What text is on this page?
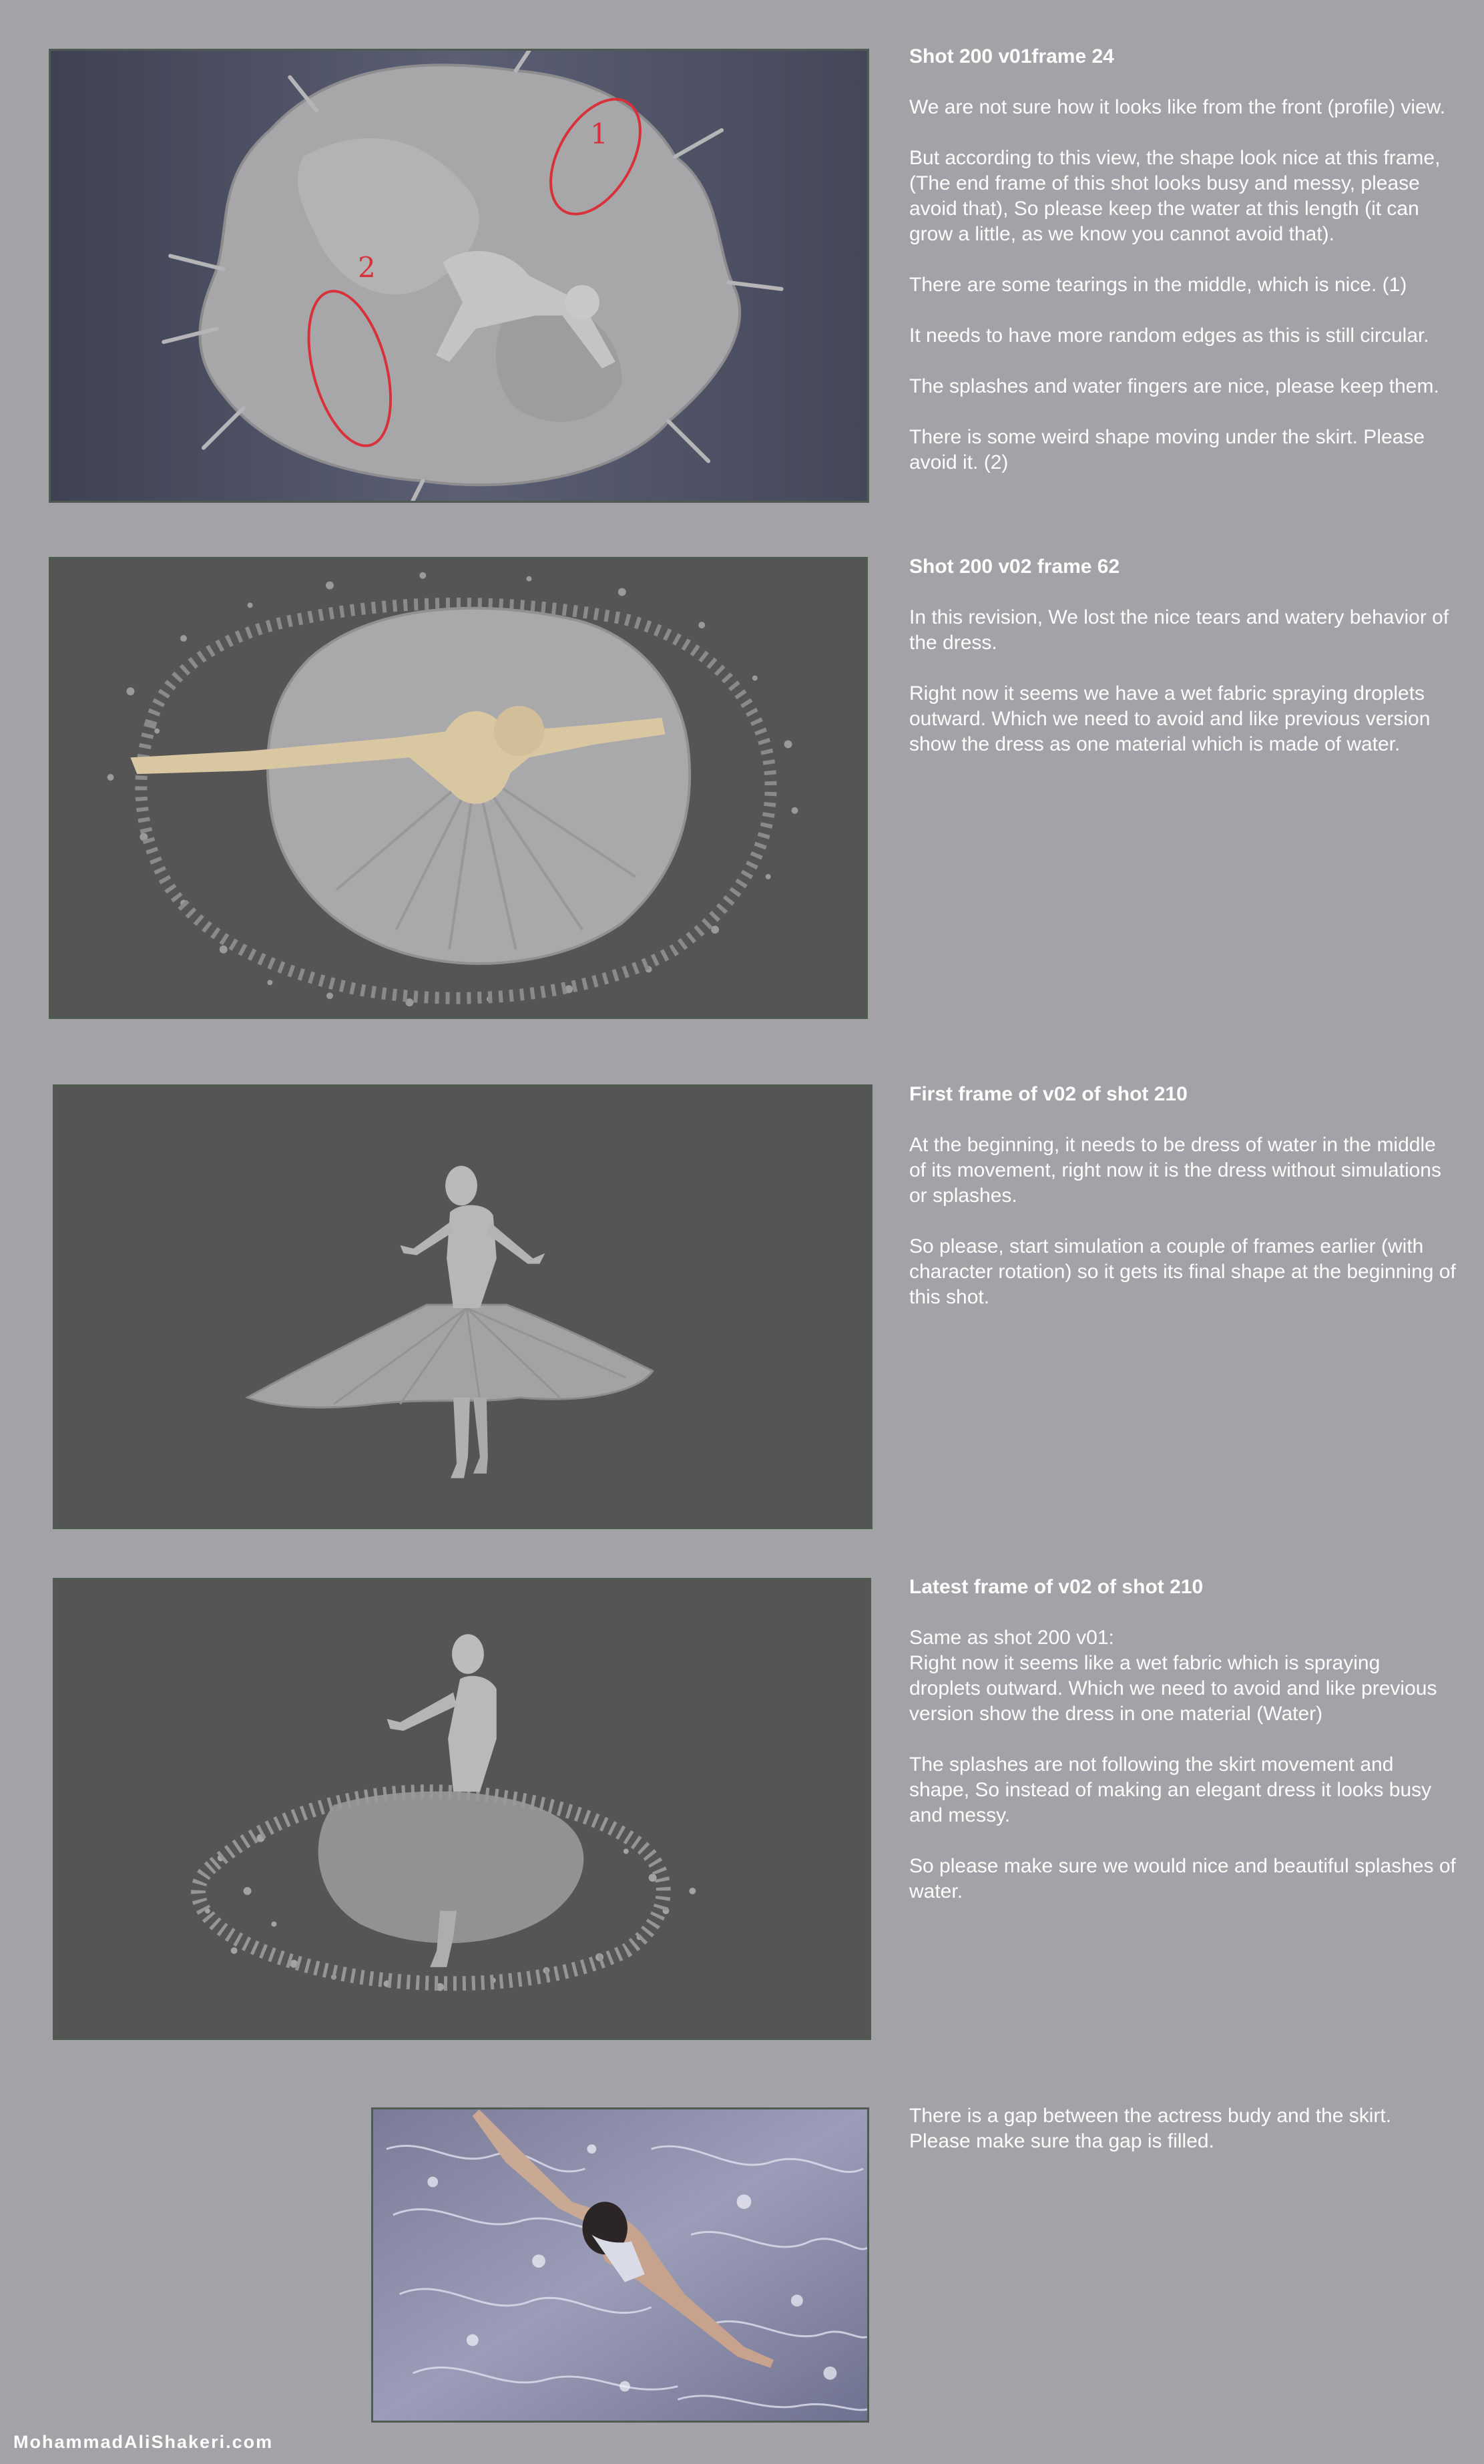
1
2
Shot 200 v01frame 24

We are not sure how it looks like from the front (profile) view.

But according to this view, the shape look nice at this frame, (The end frame of this shot looks busy and messy, please avoid that), So please keep the water at this length (it can grow a little, as we know you cannot avoid that).

There are some tearings in the middle, which is nice. (1)

It needs to have more random edges as this is still circular.

The splashes and water fingers are nice, please keep them.

There is some weird shape moving under the skirt. Please avoid it. (2)

Shot 200 v02 frame 62

In this revision, We lost the nice tears and watery behavior of the dress.

Right now it seems we have a wet fabric spraying droplets outward. Which we need to avoid and like previous version show the dress as one material which is made of water.

First frame of v02 of shot 210

At the beginning, it needs to be dress of water in the middle of its movement, right now it is the dress without simulations or splashes.

So please, start simulation a couple of frames earlier (with character rotation) so it gets its final shape at the beginning of this shot.

Latest frame of v02 of shot 210

Same as shot 200 v01:
Right now it seems like a wet fabric which is spraying droplets outward. Which we need to avoid and like previous version show the dress in one material (Water)

The splashes are not following the skirt movement and shape, So instead of making an elegant dress it looks busy and messy.

So please make sure we would nice and beautiful splashes of water.

There is a gap between the actress budy and the skirt.
Please make sure tha gap is filled.

MohammadAliShakeri.com
